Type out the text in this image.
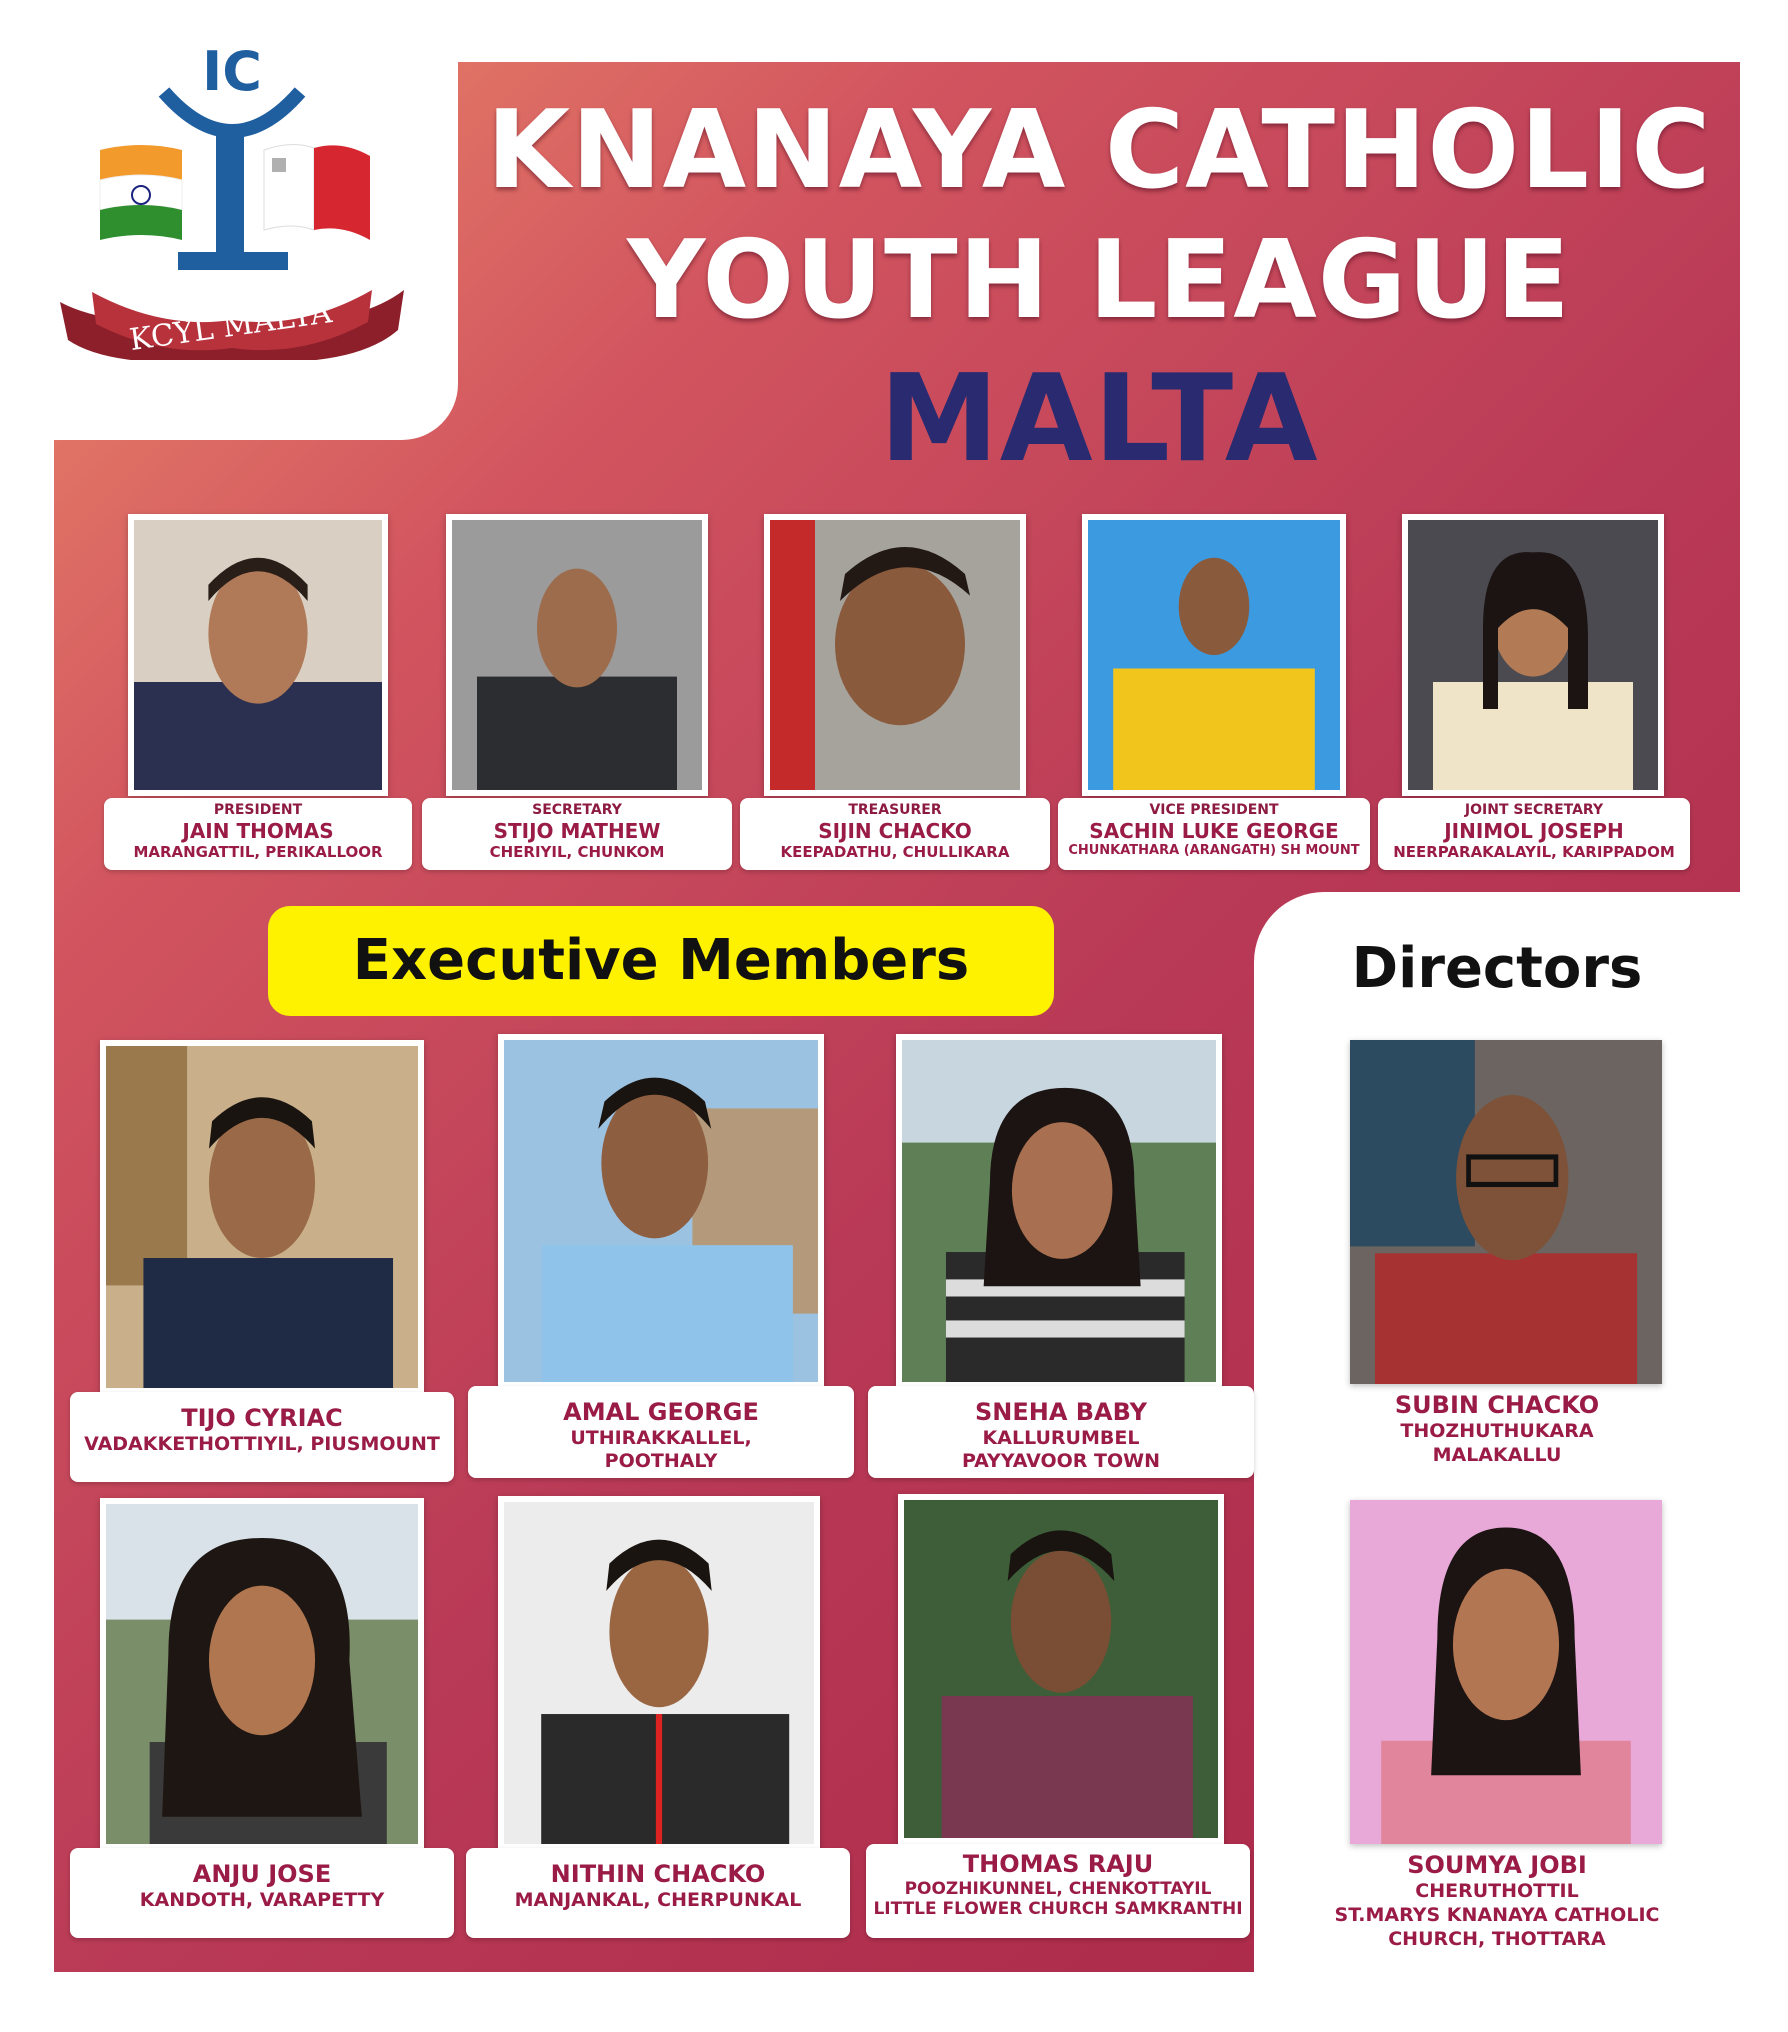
IC
KCYL MALTA
KNANAYA CATHOLIC
YOUTH LEAGUE
MALTA
PRESIDENT
JAIN THOMAS
MARANGATTIL, PERIKALLOOR
SECRETARY
STIJO MATHEW
CHERIYIL, CHUNKOM
TREASURER
SIJIN CHACKO
KEEPADATHU, CHULLIKARA
VICE PRESIDENT
SACHIN LUKE GEORGE
CHUNKATHARA (ARANGATH) SH MOUNT
JOINT SECRETARY
JINIMOL JOSEPH
NEERPARAKALAYIL, KARIPPADOM
Executive Members	Directors
SUBIN CHACKO
THOZHUTHUKARA
MALAKALLU
SOUMYA JOBI
CHERUTHOTTIL
ST.MARYS KNANAYA CATHOLIC
CHURCH, THOTTARA
TIJO CYRIAC
VADAKKETHOTTIYIL, PIUSMOUNT
AMAL GEORGE
UTHIRAKKALLEL,
POOTHALY
SNEHA BABY
KALLURUMBEL
PAYYAVOOR TOWN
ANJU JOSE
KANDOTH, VARAPETTY
NITHIN CHACKO
MANJANKAL, CHERPUNKAL
THOMAS RAJU
POOZHIKUNNEL, CHENKOTTAYIL
LITTLE FLOWER CHURCH SAMKRANTHI
